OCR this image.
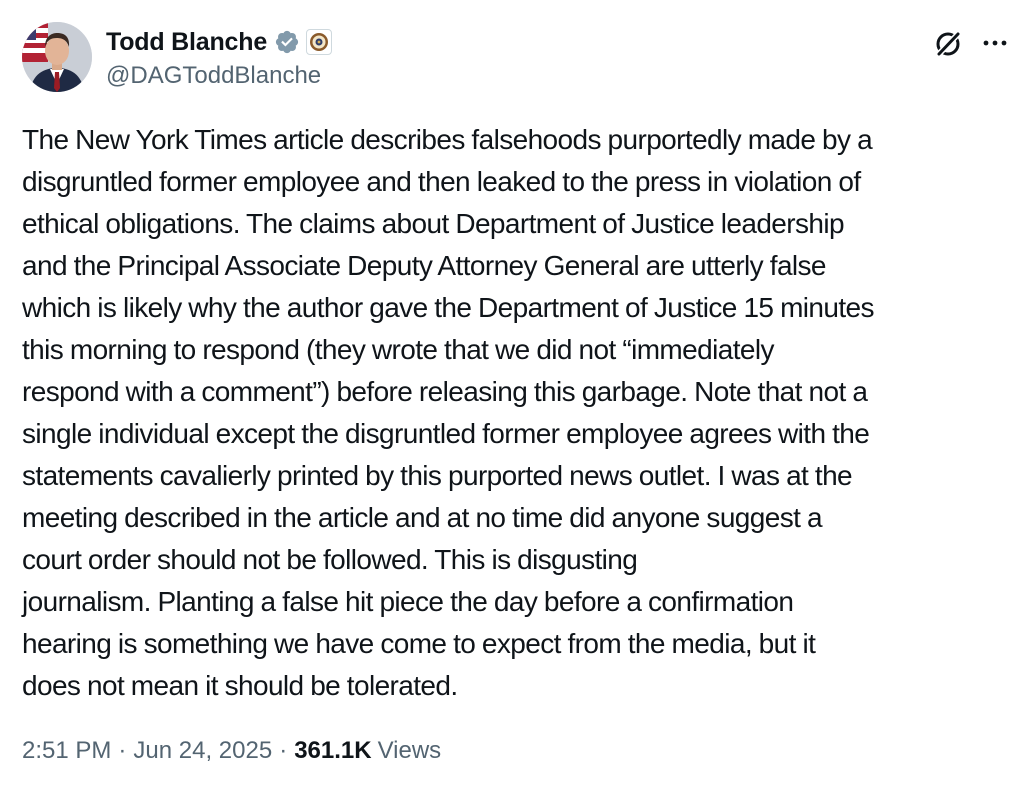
Todd Blanche
@DAGToddBlanche
The New York Times article describes falsehoods purportedly made by a
disgruntled former employee and then leaked to the press in violation of
ethical obligations. The claims about Department of Justice leadership
and the Principal Associate Deputy Attorney General are utterly false
which is likely why the author gave the Department of Justice 15 minutes
this morning to respond (they wrote that we did not “immediately
respond with a comment”) before releasing this garbage. Note that not a
single individual except the disgruntled former employee agrees with the
statements cavalierly printed by this purported news outlet. I was at the
meeting described in the article and at no time did anyone suggest a
court order should not be followed. This is disgusting
journalism. Planting a false hit piece the day before a confirmation
hearing is something we have come to expect from the media, but it
does not mean it should be tolerated.
2:51 PM · Jun 24, 2025 · 361.1K Views
